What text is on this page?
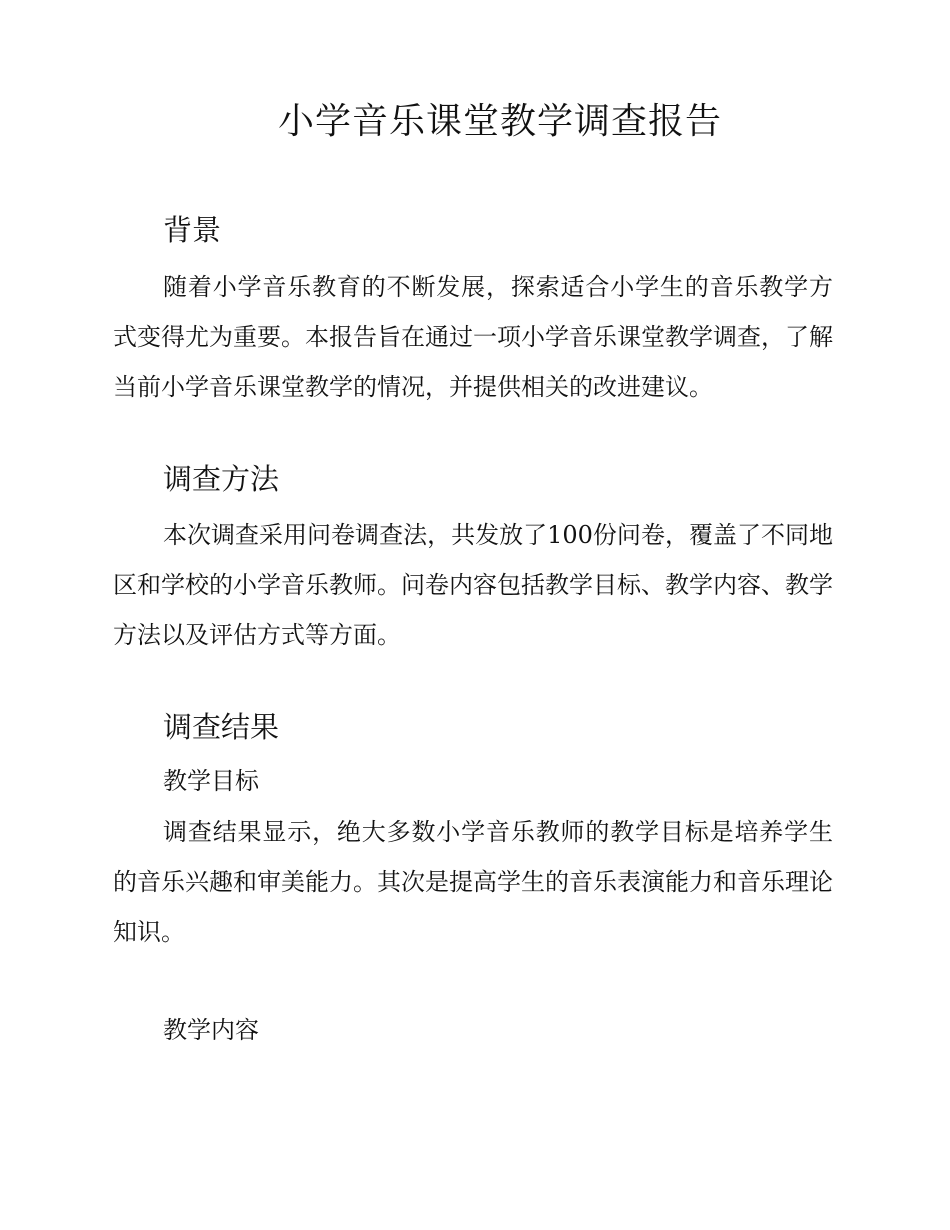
小学音乐课堂教学调查报告
背景

随着小学音乐教育的不断发展，探索适合小学生的音乐教学方式变得尤为重要。本报告旨在通过一项小学音乐课堂教学调查，了解当前小学音乐课堂教学的情况，并提供相关的改进建议。

调查方法

本次调查采用问卷调查法，共发放了100份问卷，覆盖了不同地区和学校的小学音乐教师。问卷内容包括教学目标、教学内容、教学方法以及评估方式等方面。

调查结果
教学目标

调查结果显示，绝大多数小学音乐教师的教学目标是培养学生的音乐兴趣和审美能力。其次是提高学生的音乐表演能力和音乐理论知识。

教学内容
